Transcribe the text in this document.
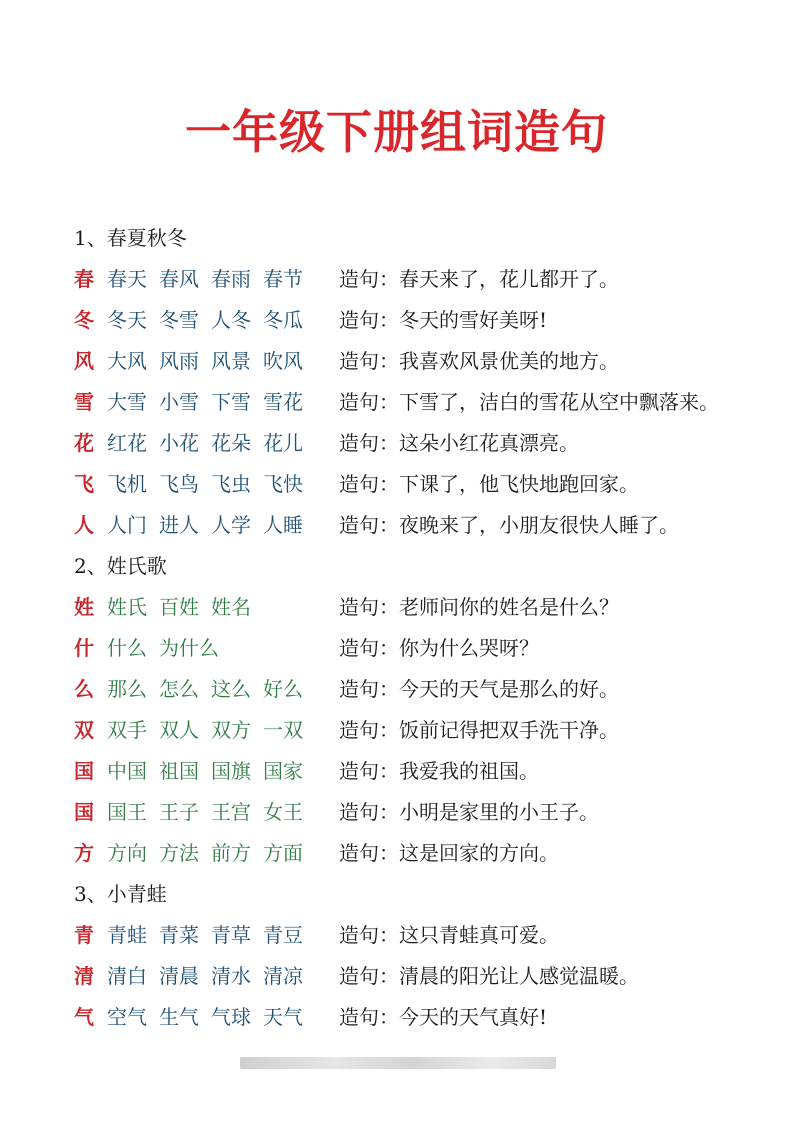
一年级下册组词造句
1、春夏秋冬
春 春天 春风 春雨 春节	造句：春天来了，花儿都开了。
冬 冬天 冬雪 人冬 冬瓜	造句：冬天的雪好美呀!
风 大风 风雨 风景 吹风	造句：我喜欢风景优美的地方。
雪 大雪 小雪 下雪 雪花	造句：下雪了，洁白的雪花从空中飘落来。
花 红花 小花 花朵 花儿	造句：这朵小红花真漂亮。
飞 飞机 飞鸟 飞虫 飞快	造句：下课了，他飞快地跑回家。
人 人门 进人 人学 人睡	造句：夜晚来了，小朋友很快人睡了。
2、姓氏歌
姓 姓氏 百姓 姓名	造句：老师问你的姓名是什么？
什 什么 为什么	造句：你为什么哭呀？
么 那么 怎么 这么 好么	造句：今天的天气是那么的好。
双 双手 双人 双方 一双	造句：饭前记得把双手洗干净。
国 中国 祖国 国旗 国家	造句：我爱我的祖国。
国 国王 王子 王宫 女王	造句：小明是家里的小王子。
方 方向 方法 前方 方面	造句：这是回家的方向。
3、小青蛙
青 青蛙 青菜 青草 青豆	造句：这只青蛙真可爱。
清 清白 清晨 清水 清凉	造句：清晨的阳光让人感觉温暖。
气 空气 生气 气球 天气	造句：今天的天气真好!
